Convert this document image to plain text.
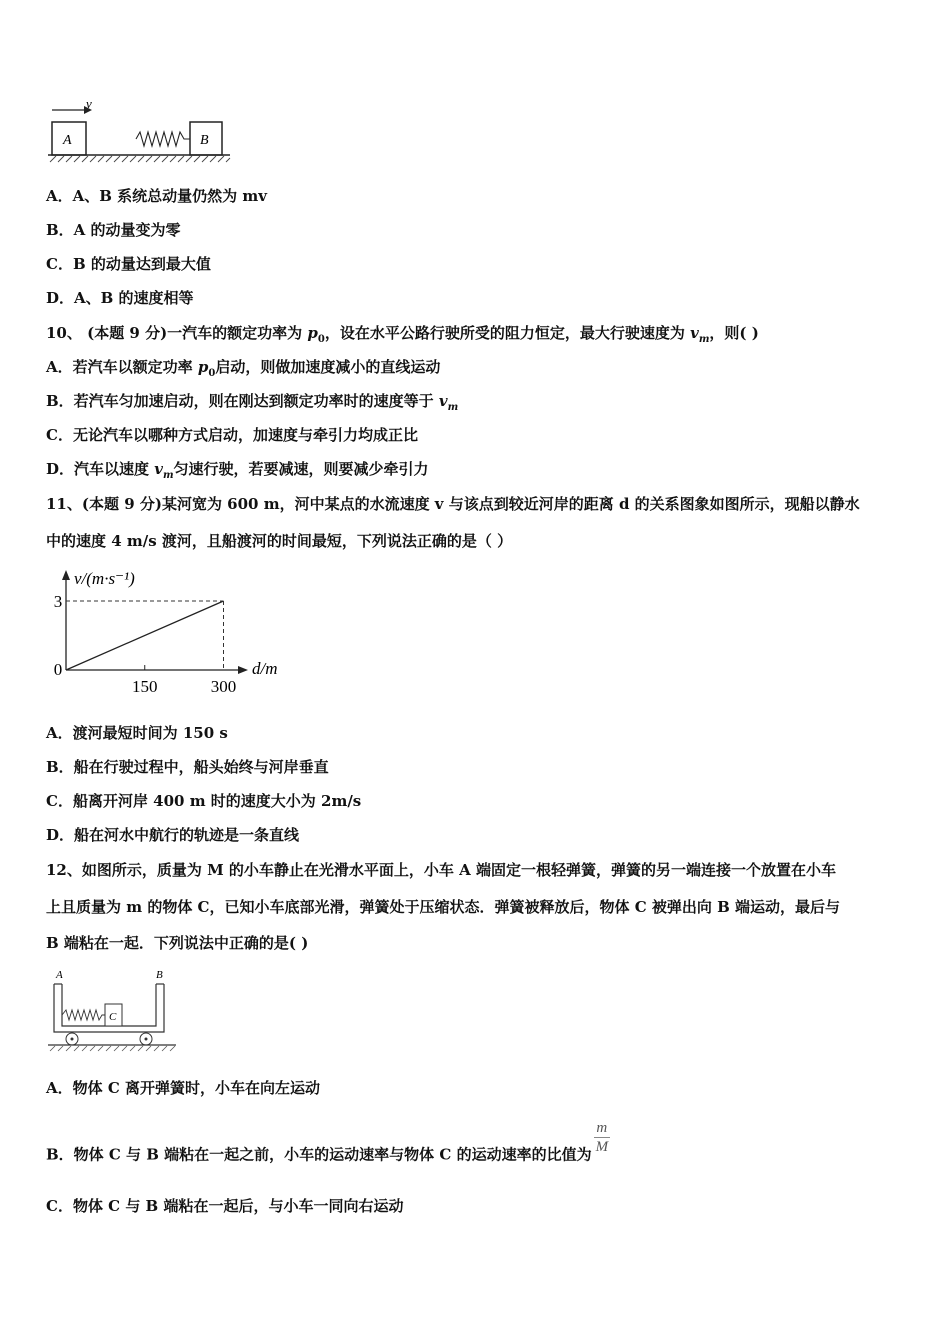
v
A	B
A．A、B 系统总动量仍然为 mv
B．A 的动量变为零
C．B 的动量达到最大值
D．A、B 的速度相等
10、 (本题 9 分)一汽车的额定功率为 $p_0$，设在水平公路行驶所受的阻力恒定，最大行驶速度为 $v_m$，则( )
A．若汽车以额定功率 $p_0$启动，则做加速度减小的直线运动
B．若汽车匀加速启动，则在刚达到额定功率时的速度等于 $v_m$
C．无论汽车以哪种方式启动，加速度与牵引力均成正比
D．汽车以速度 $v_m$匀速行驶，若要减速，则要减少牵引力
11、(本题 9 分)某河宽为 600 m，河中某点的水流速度 v 与该点到较近河岸的距离 d 的关系图象如图所示，现船以静水
中的速度 4 m/s 渡河，且船渡河的时间最短，下列说法正确的是（ ）
v/(m·s⁻¹)
d/m
0
150	300
3
A．渡河最短时间为 150 s
B．船在行驶过程中，船头始终与河岸垂直
C．船离开河岸 400 m 时的速度大小为 2m/s
D．船在河水中航行的轨迹是一条直线
12、如图所示，质量为 M 的小车静止在光滑水平面上，小车 A 端固定一根轻弹簧，弹簧的另一端连接一个放置在小车
上且质量为 m 的物体 C，已知小车底部光滑，弹簧处于压缩状态．弹簧被释放后，物体 C 被弹出向 B 端运动，最后与
B 端粘在一起．下列说法中正确的是( )
A	B
C
A．物体 C 离开弹簧时，小车在向左运动
B．物体 C 与 B 端粘在一起之前，小车的运动速率与物体 C 的运动速率的比值为 $\frac{m}{M}$
C．物体 C 与 B 端粘在一起后，与小车一同向右运动
